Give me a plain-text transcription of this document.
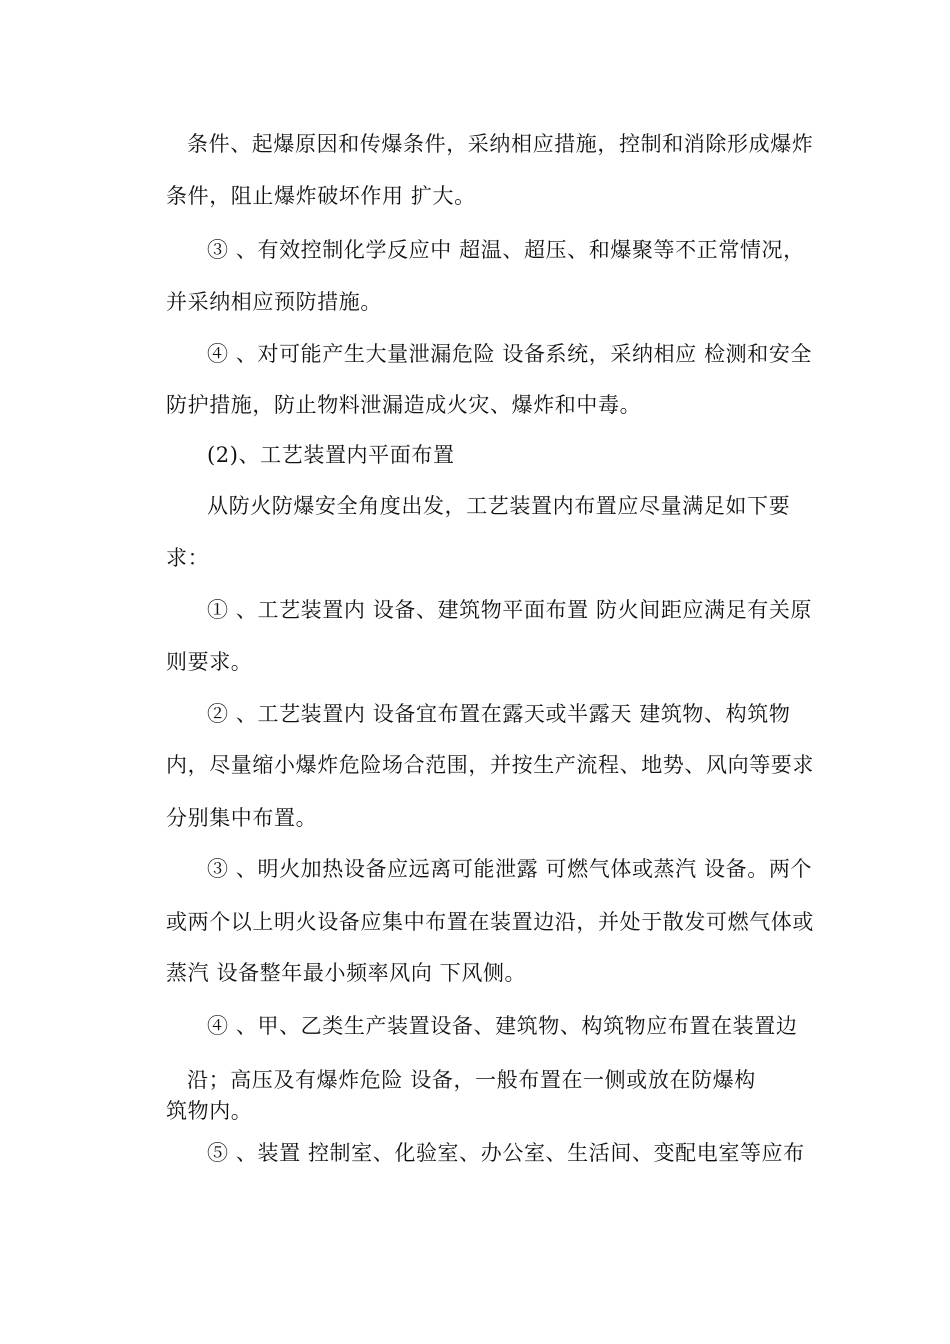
条件、起爆原因和传爆条件，采纳相应措施，控制和消除形成爆炸
条件，阻止爆炸破坏作用 扩大。
③ 、有效控制化学反应中 超温、超压、和爆聚等不正常情况，
并采纳相应预防措施。
④ 、对可能产生大量泄漏危险 设备系统，采纳相应 检测和安全
防护措施，防止物料泄漏造成火灾、爆炸和中毒。
(2)、工艺装置内平面布置
从防火防爆安全角度出发，工艺装置内布置应尽量满足如下要
求：
① 、工艺装置内 设备、建筑物平面布置 防火间距应满足有关原
则要求。
② 、工艺装置内 设备宜布置在露天或半露天 建筑物、构筑物
内，尽量缩小爆炸危险场合范围，并按生产流程、地势、风向等要求
分别集中布置。
③ 、明火加热设备应远离可能泄露 可燃气体或蒸汽 设备。两个
或两个以上明火设备应集中布置在装置边沿，并处于散发可燃气体或
蒸汽 设备整年最小频率风向 下风侧。
④ 、甲、乙类生产装置设备、建筑物、构筑物应布置在装置边
沿；高压及有爆炸危险 设备，一般布置在一侧或放在防爆构
筑物内。
⑤ 、装置 控制室、化验室、办公室、生活间、变配电室等应布
